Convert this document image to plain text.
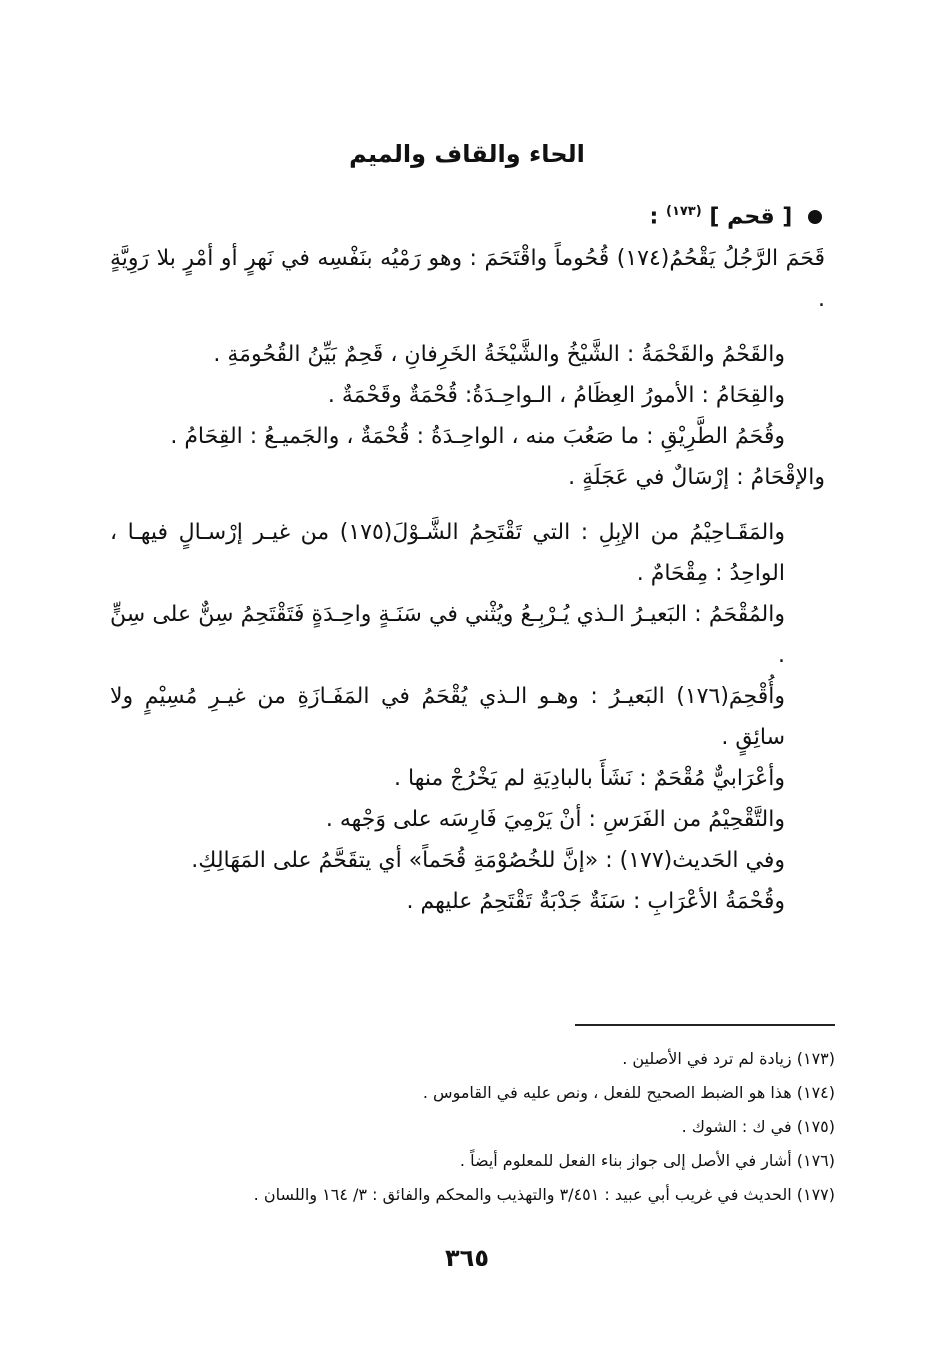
الحاء والقاف والميم
[ قحم ] $^{(١٧٣)}$ :

قَحَمَ الرَّجُلُ يَقْحُمُ(١٧٤) قُحُوماً واقْتَحَمَ : وهو رَمْيُه بنَفْسِه في نَهرٍ أو أمْرٍ بلا رَوِيَّةٍ .

والقَحْمُ والقَحْمَةُ : الشَّيْخُ والشَّيْخَةُ الخَرِفانِ ، قَحِمٌ بَيِّنُ القُحُومَةِ .

والقِحَامُ : الأمورُ العِظَامُ ، الـواحِـدَةُ: قُحْمَةٌ وقَحْمَةٌ .

وقُحَمُ الطَّرِيْقِ : ما صَعُبَ منه ، الواحِـدَةُ : قُحْمَةٌ ، والجَميـعُ : القِحَامُ .

والإقْحَامُ : إرْسَالٌ في عَجَلَةٍ .

والمَقَـاحِيْمُ من الإبِلِ : التي تَقْتَحِمُ الشَّـوْلَ(١٧٥) من غيـر إرْسـالٍ فيهـا ، الواحِدُ : مِقْحَامٌ .

والمُقْحَمُ : البَعيـرُ الـذي يُـرْبِـعُ ويُثْني في سَنَـةٍ واحِـدَةٍ فَتَقْتَحِمُ سِنٌّ على سِنٍّ .

وأُقْحِمَ(١٧٦) البَعيـرُ : وهـو الـذي يُقْحَمُ في المَفَـازَةِ من غيـرِ مُسِيْمٍ ولا سائِقٍ .

وأعْرَابيٌّ مُقْحَمٌ : نَشَأَ بالبادِيَةِ لم يَخْرُجْ منها .

والتَّقْحِيْمُ من الفَرَسِ : أنْ يَرْمِيَ فَارِسَه على وَجْهه .

وفي الحَديث(١٧٧) : «إنَّ للخُصُوْمَةِ قُحَماً» أي يتقَحَّمُ على المَهَالِكِ.

وقُحْمَةُ الأعْرَابِ : سَنَةٌ جَدْبَةٌ تَقْتَحِمُ عليهم .

(١٧٣) زيادة لم ترد في الأصلين .
(١٧٤) هذا هو الضبط الصحيح للفعل ، ونص عليه في القاموس .
(١٧٥) في ك : الشوك .
(١٧٦) أشار في الأصل إلى جواز بناء الفعل للمعلوم أيضاً .
(١٧٧) الحديث في غريب أبي عبيد : ٣/٤٥١ والتهذيب والمحكم والفائق : ٣/ ١٦٤ واللسان .
٣٦٥
